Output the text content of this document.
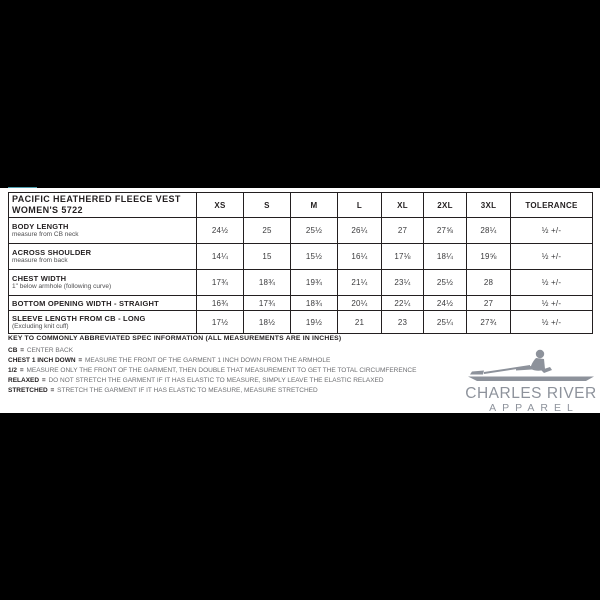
PACIFIC HEATHERED FLEECE VEST
WOMEN'S 5722	XS	S	M	L	XL	2XL	3XL	TOLERANCE

BODY LENGTH
measure from CB neck	24½	25	25½	26¼	27	27⅝	28¼	½ +/-

ACROSS SHOULDER
measure from back	14¼	15	15½	16¼	17⅛	18¼	19⅝	½ +/-

CHEST WIDTH
1" below armhole (following curve)	17¾	18¾	19¾	21¼	23¼	25½	28	½ +/-

BOTTOM OPENING WIDTH - STRAIGHT	16¾	17¾	18¾	20¼	22¼	24½	27	½ +/-

SLEEVE LENGTH FROM CB - LONG
(Excluding knit cuff)	17½	18½	19½	21	23	25¼	27¾	½ +/-
KEY TO COMMONLY ABBREVIATED SPEC INFORMATION (ALL MEASUREMENTS ARE IN INCHES)
CB = CENTER BACK
CHEST 1 INCH DOWN = MEASURE THE FRONT OF THE GARMENT 1 INCH DOWN FROM THE ARMHOLE
1/2 = MEASURE ONLY THE FRONT OF THE GARMENT, THEN DOUBLE THAT MEASUREMENT TO GET THE TOTAL CIRCUMFERENCE
RELAXED = DO NOT STRETCH THE GARMENT IF IT HAS ELASTIC TO MEASURE, SIMPLY LEAVE THE ELASTIC RELAXED
STRETCHED = STRETCH THE GARMENT IF IT HAS ELASTIC TO MEASURE, MEASURE STRETCHED	CHARLES RIVER
APPAREL
